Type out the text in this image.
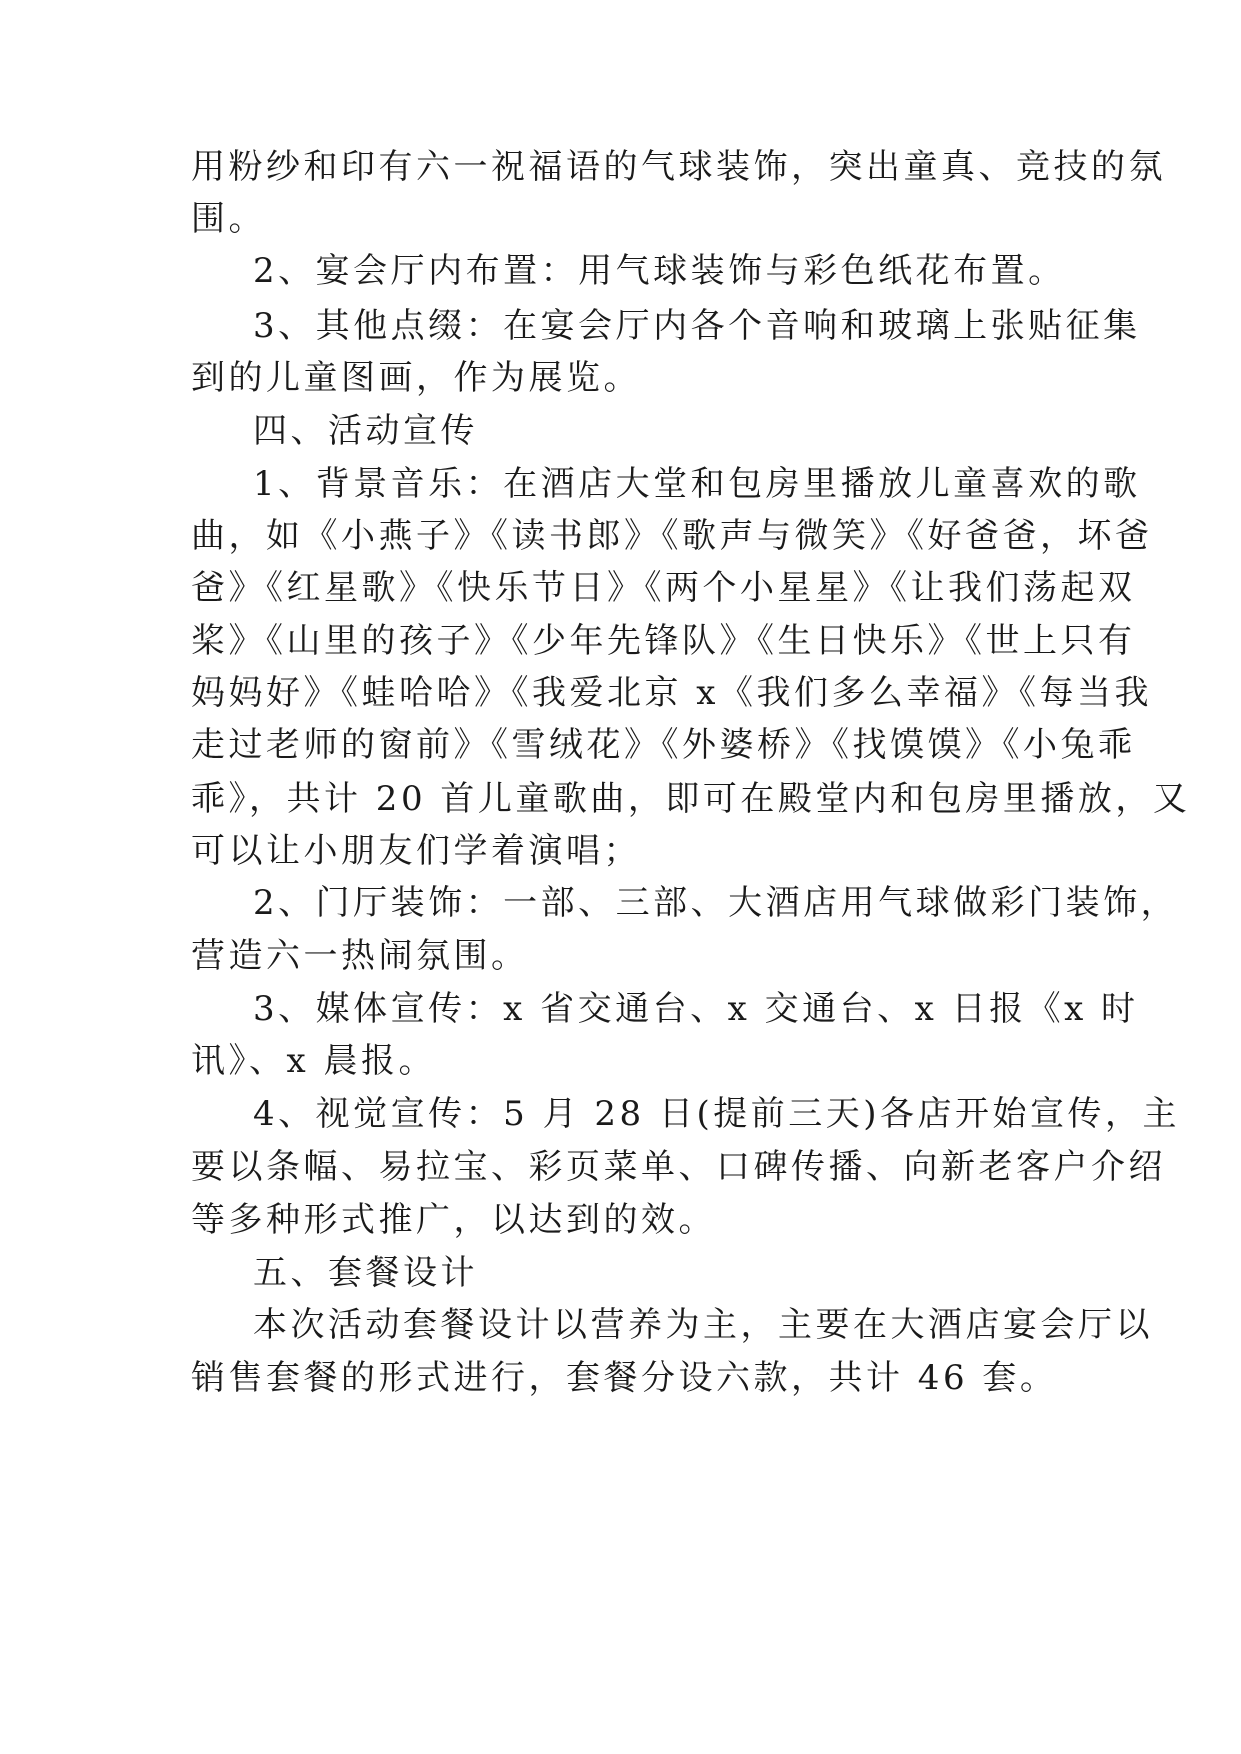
用粉纱和印有六一祝福语的气球装饰，突出童真、竞技的氛
围。
2、宴会厅内布置：用气球装饰与彩色纸花布置。
3、其他点缀：在宴会厅内各个音响和玻璃上张贴征集
到的儿童图画，作为展览。
四、活动宣传
1、背景音乐：在酒店大堂和包房里播放儿童喜欢的歌
曲，如《小燕子》《读书郎》《歌声与微笑》《好爸爸，坏爸
爸》《红星歌》《快乐节日》《两个小星星》《让我们荡起双
桨》《山里的孩子》《少年先锋队》《生日快乐》《世上只有
妈妈好》《蛙哈哈》《我爱北京 x《我们多么幸福》《每当我
走过老师的窗前》《雪绒花》《外婆桥》《找馍馍》《小兔乖
乖》，共计 20 首儿童歌曲，即可在殿堂内和包房里播放，又
可以让小朋友们学着演唱；
2、门厅装饰：一部、三部、大酒店用气球做彩门装饰，
营造六一热闹氛围。
3、媒体宣传：x 省交通台、x 交通台、x 日报《x 时
讯》、x 晨报。
4、视觉宣传：5 月 28 日(提前三天)各店开始宣传，主
要以条幅、易拉宝、彩页菜单、口碑传播、向新老客户介绍
等多种形式推广，以达到的效。
五、套餐设计
本次活动套餐设计以营养为主，主要在大酒店宴会厅以
销售套餐的形式进行，套餐分设六款，共计 46 套。
